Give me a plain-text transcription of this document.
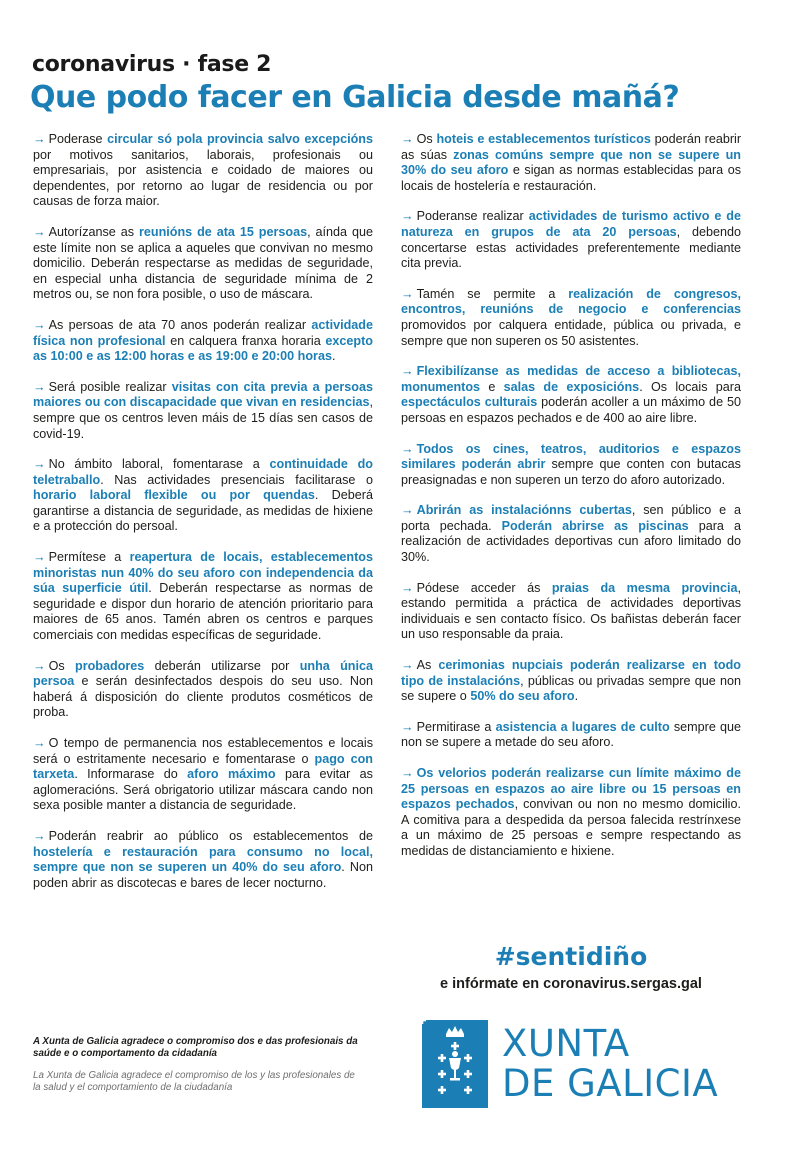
coronavirus · fase 2
Que podo facer en Galicia desde mañá?

→ Poderase circular só pola provincia salvo excepcións por motivos sanitarios, laborais, profesionais ou empresariais, por asistencia e coidado de maiores ou dependentes, por retorno ao lugar de residencia ou por causas de forza maior.

→ Autorízanse as reunións de ata 15 persoas, aínda que este límite non se aplica a aqueles que convivan no mesmo domicilio. Deberán respectarse as medidas de seguridade, en especial unha distancia de seguridade mínima de 2 metros ou, se non fora posible, o uso de máscara.

→ As persoas de ata 70 anos poderán realizar actividade física non profesional en calquera franxa horaria excepto as 10:00 e as 12:00 horas e as 19:00 e 20:00 horas.

→ Será posible realizar visitas con cita previa a persoas maiores ou con discapacidade que vivan en residencias, sempre que os centros leven máis de 15 días sen casos de covid-19.

→ No ámbito laboral, fomentarase a continuidade do teletraballo. Nas actividades presenciais facilitarase o horario laboral flexible ou por quendas. Deberá garantirse a distancia de seguridade, as medidas de hixiene e a protección do persoal.

→ Permítese a reapertura de locais, establecementos minoristas nun 40% do seu aforo con independencia da súa superficie útil. Deberán respectarse as normas de seguridade e dispor dun horario de atención prioritario para maiores de 65 anos. Tamén abren os centros e parques comerciais con medidas específicas de seguridade.

→ Os probadores deberán utilizarse por unha única persoa e serán desinfectados despois do seu uso. Non haberá á disposición do cliente produtos cosméticos de proba.

→ O tempo de permanencia nos establecementos e locais será o estritamente necesario e fomentarase o pago con tarxeta. Informarase do aforo máximo para evitar as aglomeracións. Será obrigatorio utilizar máscara cando non sexa posible manter a distancia de seguridade.

→ Poderán reabrir ao público os establecementos de hostelería e restauración para consumo no local, sempre que non se superen un 40% do seu aforo. Non poden abrir as discotecas e bares de lecer nocturno.

→ Os hoteis e establecementos turísticos poderán reabrir as súas zonas comúns sempre que non se supere un 30% do seu aforo e sigan as normas establecidas para os locais de hostelería e restauración.

→ Poderanse realizar actividades de turismo activo e de natureza en grupos de ata 20 persoas, debendo concertarse estas actividades preferentemente mediante cita previa.

→ Tamén se permite a realización de congresos, encontros, reunións de negocio e conferencias promovidos por calquera entidade, pública ou privada, e sempre que non superen os 50 asistentes.

→ Flexibilízanse as medidas de acceso a bibliotecas, monumentos e salas de exposicións. Os locais para espectáculos culturais poderán acoller a un máximo de 50 persoas en espazos pechados e de 400 ao aire libre.

→ Todos os cines, teatros, auditorios e espazos similares poderán abrir sempre que conten con butacas preasignadas e non superen un terzo do aforo autorizado.

→ Abrirán as instalaciónns cubertas, sen público e a porta pechada. Poderán abrirse as piscinas para a realización de actividades deportivas cun aforo limitado do 30%.

→ Pódese acceder ás praias da mesma provincia, estando permitida a práctica de actividades deportivas individuais e sen contacto físico. Os bañistas deberán facer un uso responsable da praia.

→ As cerimonias nupciais poderán realizarse en todo tipo de instalacións, públicas ou privadas sempre que non se supere o 50% do seu aforo.

→ Permitirase a asistencia a lugares de culto sempre que non se supere a metade do seu aforo.

→ Os velorios poderán realizarse cun límite máximo de 25 persoas en espazos ao aire libre ou 15 persoas en espazos pechados, convivan ou non no mesmo domicilio. A comitiva para a despedida da persoa falecida restrínxese a un máximo de 25 persoas e sempre respectando as medidas de distanciamiento e hixiene.

#sentidiño
e infórmate en coronavirus.sergas.gal
A Xunta de Galicia agradece o compromiso dos e das profesionais da saúde e o comportamento da cidadanía
La Xunta de Galicia agradece el compromiso de los y las profesionales de la salud y el comportamiento de la ciudadanía
XUNTA
DE GALICIA
